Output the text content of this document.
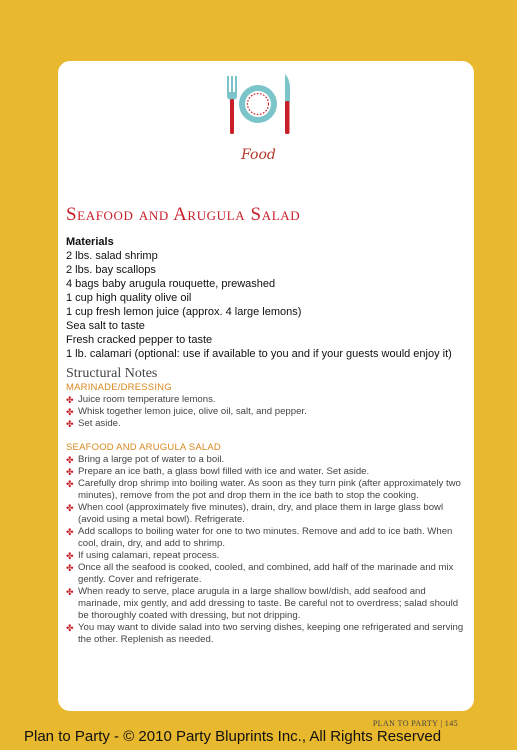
Food
Seafood and Arugula Salad
Materials
2 lbs. salad shrimp
2 lbs. bay scallops
4 bags baby arugula rouquette, prewashed
1 cup high quality olive oil
1 cup fresh lemon juice (approx. 4 large lemons)
Sea salt to taste
Fresh cracked pepper to taste
1 lb. calamari (optional: use if available to you and if your guests would enjoy it)
Structural Notes
MARINADE/DRESSING
✤ Juice room temperature lemons.
✤ Whisk together lemon juice, olive oil, salt, and pepper.
✤ Set aside.
SEAFOOD AND ARUGULA SALAD
✤ Bring a large pot of water to a boil.
✤ Prepare an ice bath, a glass bowl filled with ice and water. Set aside.
✤ Carefully drop shrimp into boiling water. As soon as they turn pink (after approximately two minutes), remove from the pot and drop them in the ice bath to stop the cooking.
✤ When cool (approximately five minutes), drain, dry, and place them in large glass bowl (avoid using a metal bowl). Refrigerate.
✤ Add scallops to boiling water for one to two minutes. Remove and add to ice bath. When cool, drain, dry, and add to shrimp.
✤ If using calamari, repeat process.
✤ Once all the seafood is cooked, cooled, and combined, add half of the marinade and mix gently. Cover and refrigerate.
✤ When ready to serve, place arugula in a large shallow bowl/dish, add seafood and marinade, mix gently, and add dressing to taste. Be careful not to overdress; salad should be thoroughly coated with dressing, but not dripping.
✤ You may want to divide salad into two serving dishes, keeping one refrigerated and serving the other. Replenish as needed.
PLAN TO PARTY | 145
Plan to Party - © 2010 Party Bluprints Inc., All Rights Reserved
